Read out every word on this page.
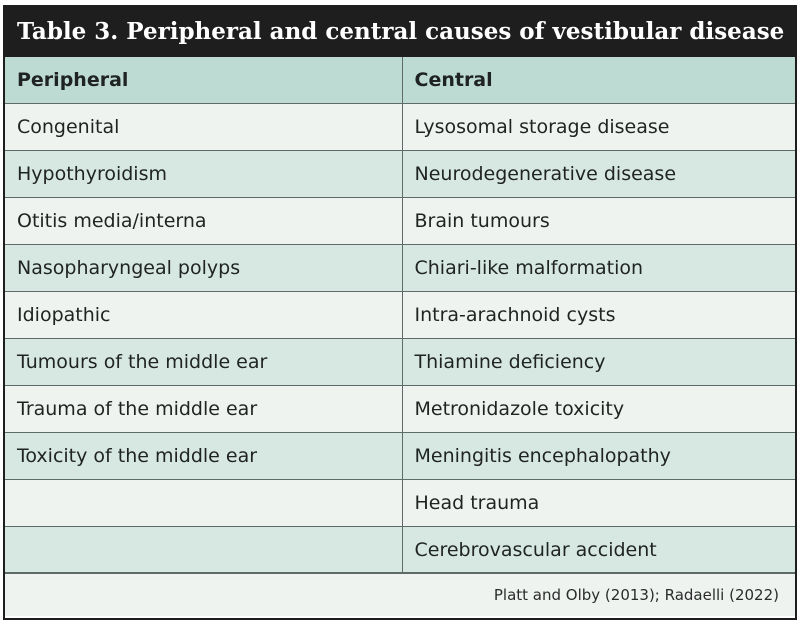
Table 3. Peripheral and central causes of vestibular disease
Peripheral	Central
Congenital	Lysosomal storage disease
Hypothyroidism	Neurodegenerative disease
Otitis media/interna	Brain tumours
Nasopharyngeal polyps	Chiari-like malformation
Idiopathic	Intra-arachnoid cysts
Tumours of the middle ear	Thiamine deficiency
Trauma of the middle ear	Metronidazole toxicity
Toxicity of the middle ear	Meningitis encephalopathy
	Head trauma
	Cerebrovascular accident
Platt and Olby (2013); Radaelli (2022)
